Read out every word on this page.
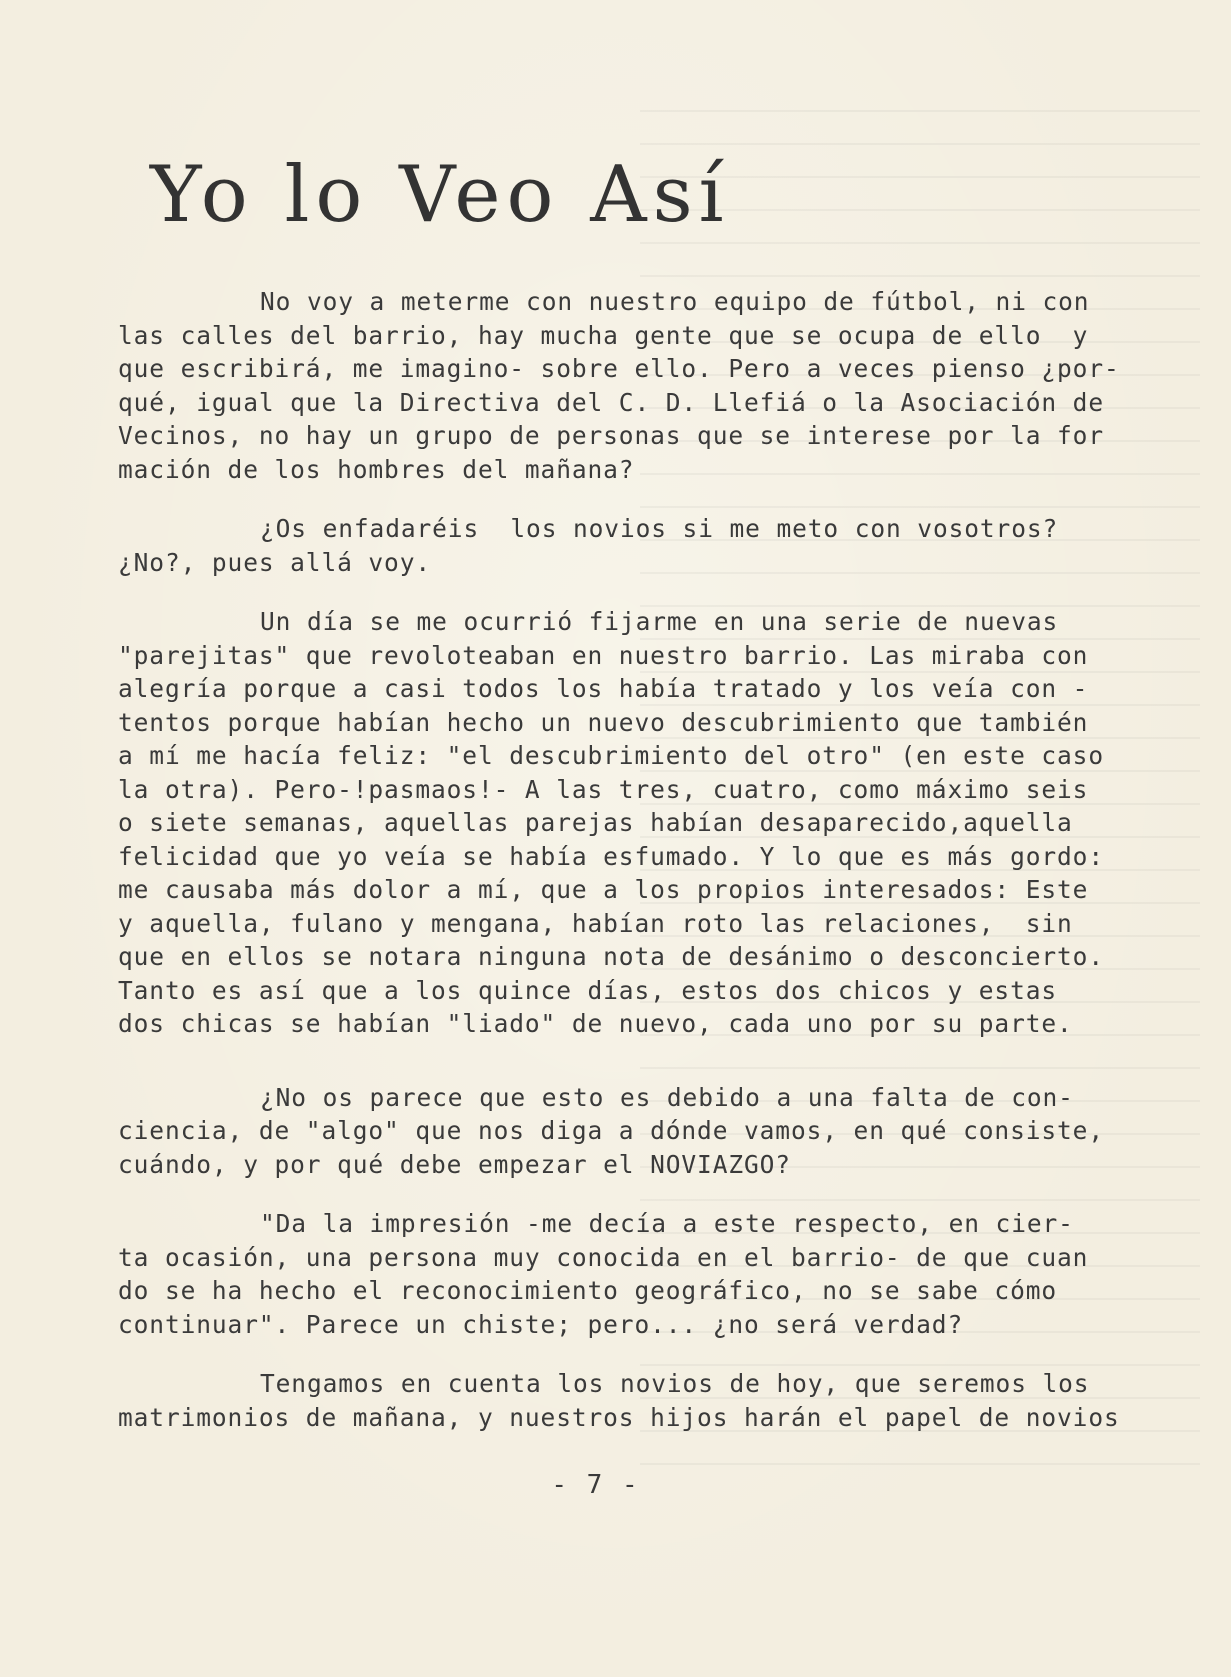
Yo lo Veo Así
No voy a meterme con nuestro equipo de fútbol, ni con
las calles del barrio, hay mucha gente que se ocupa de ello  y
que escribirá, me imagino- sobre ello. Pero a veces pienso ¿por-
qué, igual que la Directiva del C. D. Llefiá o la Asociación de
Vecinos, no hay un grupo de personas que se interese por la for
mación de los hombres del mañana?
¿Os enfadaréis  los novios si me meto con vosotros?
¿No?, pues allá voy.
Un día se me ocurrió fijarme en una serie de nuevas
"parejitas" que revoloteaban en nuestro barrio. Las miraba con
alegría porque a casi todos los había tratado y los veía con -
tentos porque habían hecho un nuevo descubrimiento que también
a mí me hacía feliz: "el descubrimiento del otro" (en este caso
la otra). Pero-!pasmaos!- A las tres, cuatro, como máximo seis
o siete semanas, aquellas parejas habían desaparecido,aquella
felicidad que yo veía se había esfumado. Y lo que es más gordo:
me causaba más dolor a mí, que a los propios interesados: Este
y aquella, fulano y mengana, habían roto las relaciones,  sin
que en ellos se notara ninguna nota de desánimo o desconcierto.
Tanto es así que a los quince días, estos dos chicos y estas
dos chicas se habían "liado" de nuevo, cada uno por su parte.
¿No os parece que esto es debido a una falta de con-
ciencia, de "algo" que nos diga a dónde vamos, en qué consiste,
cuándo, y por qué debe empezar el NOVIAZGO?
"Da la impresión -me decía a este respecto, en cier-
ta ocasión, una persona muy conocida en el barrio- de que cuan
do se ha hecho el reconocimiento geográfico, no se sabe cómo
continuar". Parece un chiste; pero... ¿no será verdad?
Tengamos en cuenta los novios de hoy, que seremos los
matrimonios de mañana, y nuestros hijos harán el papel de novios
- 7 -
